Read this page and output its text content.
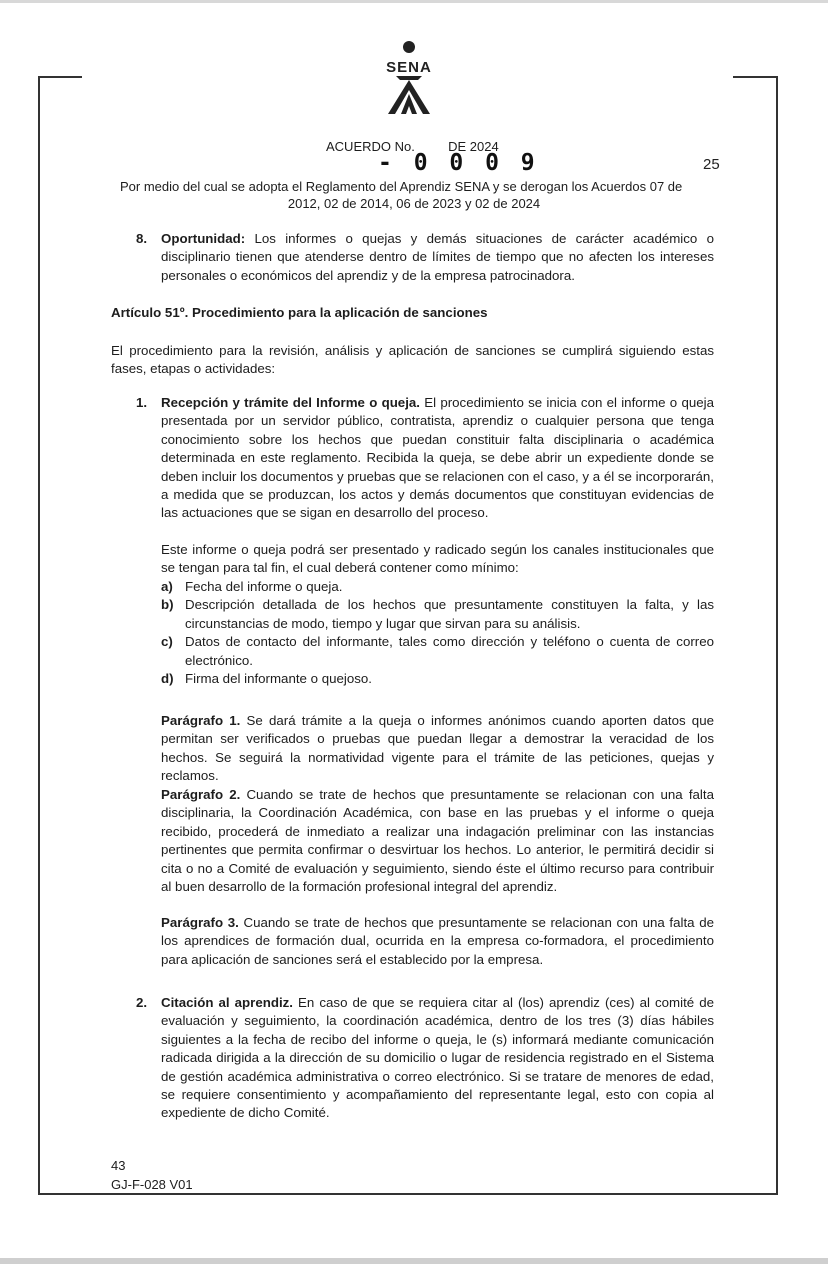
SENA
ACUERDO No.	DE 2024
- 0 0 0 9	25
Por medio del cual se adopta el Reglamento del Aprendiz SENA y se derogan los Acuerdos 07 de
2012, 02 de 2014, 06 de 2023 y 02 de 2024
8. Oportunidad: Los informes o quejas y demás situaciones de carácter académico o disciplinario tienen que atenderse dentro de límites de tiempo que no afecten los intereses personales o económicos del aprendiz y de la empresa patrocinadora.
Artículo 51º. Procedimiento para la aplicación de sanciones
El procedimiento para la revisión, análisis y aplicación de sanciones se cumplirá siguiendo estas fases, etapas o actividades:
1. Recepción y trámite del Informe o queja. El procedimiento se inicia con el informe o queja presentada por un servidor público, contratista, aprendiz o cualquier persona que tenga conocimiento sobre los hechos que puedan constituir falta disciplinaria o académica determinada en este reglamento. Recibida la queja, se debe abrir un expediente donde se deben incluir los documentos y pruebas que se relacionen con el caso, y a él se incorporarán, a medida que se produzcan, los actos y demás documentos que constituyan evidencias de las actuaciones que se sigan en desarrollo del proceso.
Este informe o queja podrá ser presentado y radicado según los canales institucionales que se tengan para tal fin, el cual deberá contener como mínimo:
a) Fecha del informe o queja.
b) Descripción detallada de los hechos que presuntamente constituyen la falta, y las circunstancias de modo, tiempo y lugar que sirvan para su análisis.
c) Datos de contacto del informante, tales como dirección y teléfono o cuenta de correo electrónico.
d) Firma del informante o quejoso.
Parágrafo 1. Se dará trámite a la queja o informes anónimos cuando aporten datos que permitan ser verificados o pruebas que puedan llegar a demostrar la veracidad de los hechos. Se seguirá la normatividad vigente para el trámite de las peticiones, quejas y reclamos.
Parágrafo 2. Cuando se trate de hechos que presuntamente se relacionan con una falta disciplinaria, la Coordinación Académica, con base en las pruebas y el informe o queja recibido, procederá de inmediato a realizar una indagación preliminar con las instancias pertinentes que permita confirmar o desvirtuar los hechos. Lo anterior, le permitirá decidir si cita o no a Comité de evaluación y seguimiento, siendo éste el último recurso para contribuir al buen desarrollo de la formación profesional integral del aprendiz.
Parágrafo 3. Cuando se trate de hechos que presuntamente se relacionan con una falta de los aprendices de formación dual, ocurrida en la empresa co-formadora, el procedimiento para aplicación de sanciones será el establecido por la empresa.
2. Citación al aprendiz. En caso de que se requiera citar al (los) aprendiz (ces) al comité de evaluación y seguimiento, la coordinación académica, dentro de los tres (3) días hábiles siguientes a la fecha de recibo del informe o queja, le (s) informará mediante comunicación radicada dirigida a la dirección de su domicilio o lugar de residencia registrado en el Sistema de gestión académica administrativa o correo electrónico. Si se tratare de menores de edad, se requiere consentimiento y acompañamiento del representante legal, esto con copia al expediente de dicho Comité.
43
GJ-F-028 V01
